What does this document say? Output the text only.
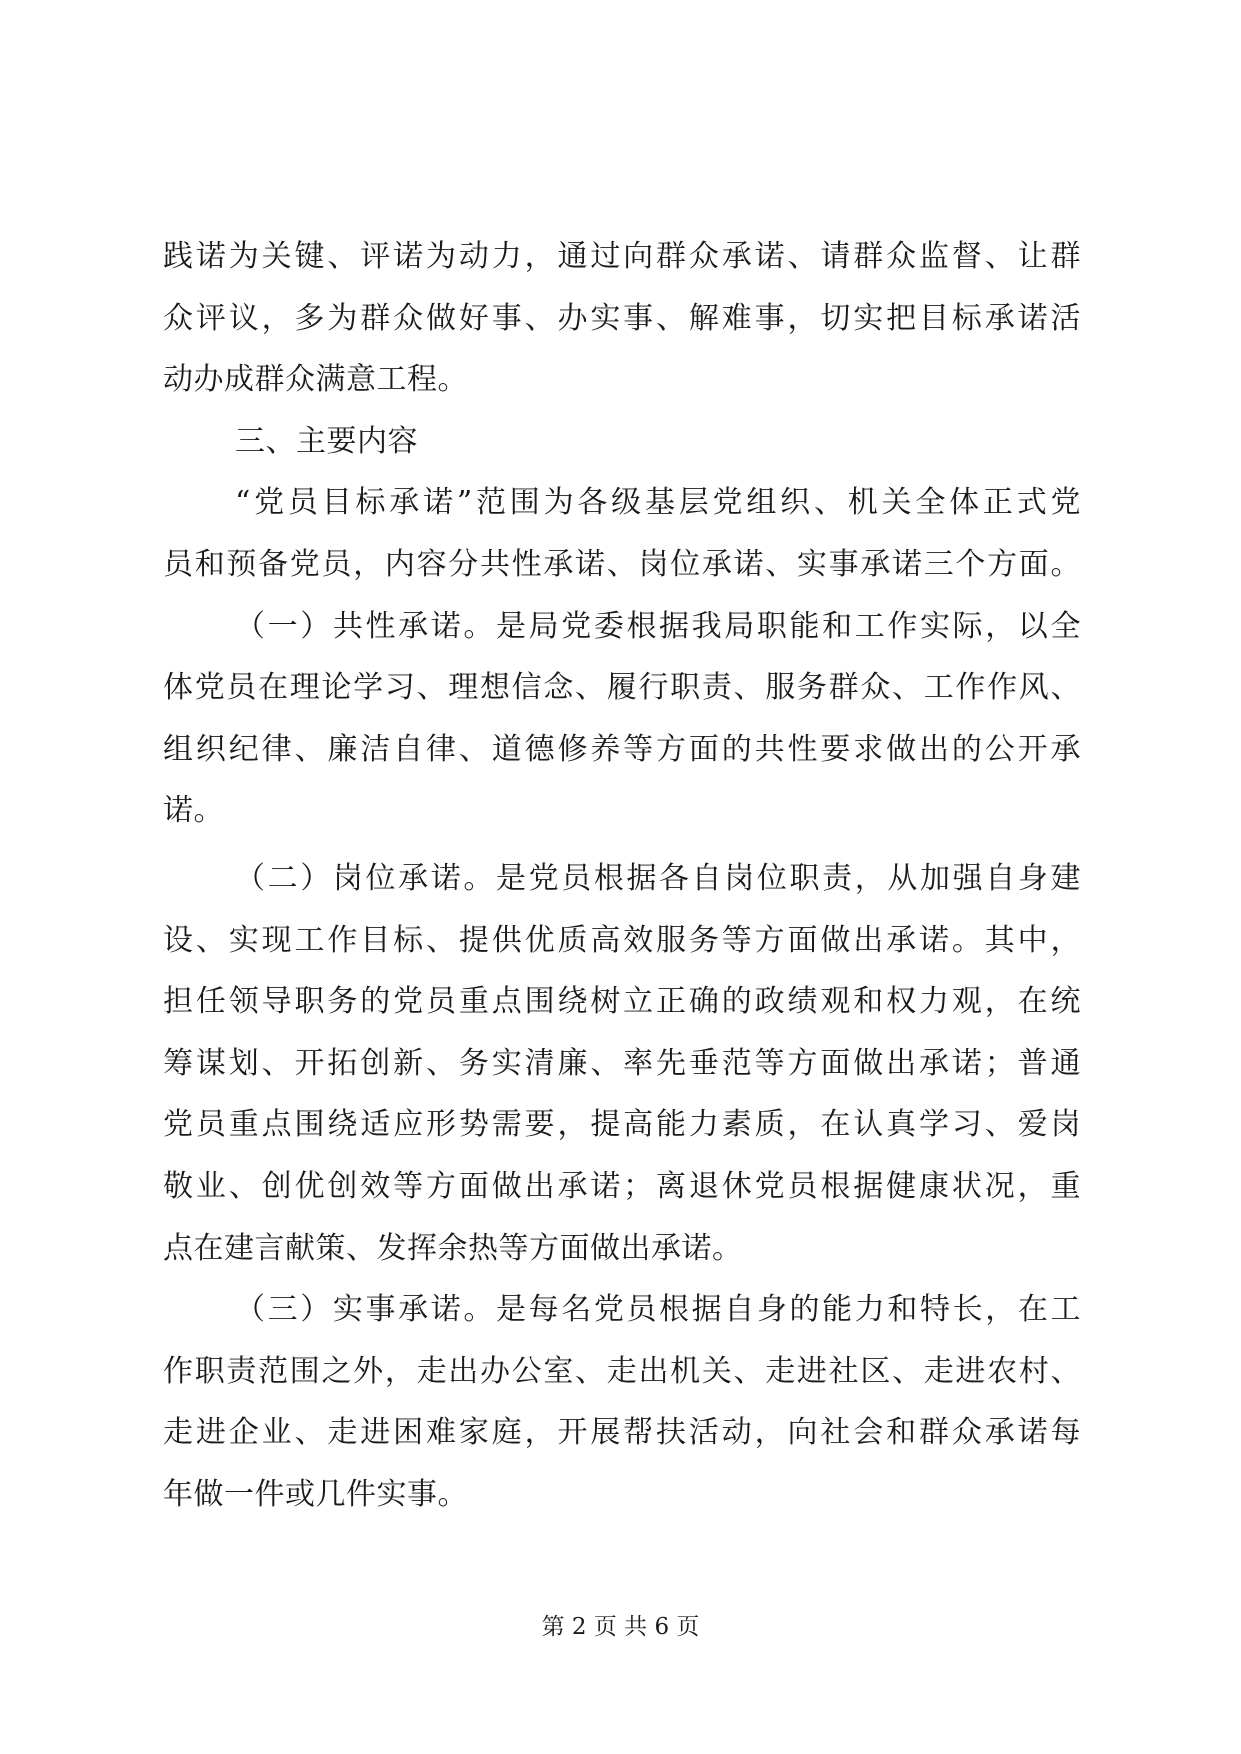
践诺为关键、评诺为动力，通过向群众承诺、请群众监督、让群
众评议，多为群众做好事、办实事、解难事，切实把目标承诺活
动办成群众满意工程。
三、主要内容
“党员目标承诺”范围为各级基层党组织、机关全体正式党
员和预备党员，内容分共性承诺、岗位承诺、实事承诺三个方面。
（一）共性承诺。是局党委根据我局职能和工作实际，以全
体党员在理论学习、理想信念、履行职责、服务群众、工作作风、
组织纪律、廉洁自律、道德修养等方面的共性要求做出的公开承
诺。
（二）岗位承诺。是党员根据各自岗位职责，从加强自身建
设、实现工作目标、提供优质高效服务等方面做出承诺。其中，
担任领导职务的党员重点围绕树立正确的政绩观和权力观，在统
筹谋划、开拓创新、务实清廉、率先垂范等方面做出承诺；普通
党员重点围绕适应形势需要，提高能力素质，在认真学习、爱岗
敬业、创优创效等方面做出承诺；离退休党员根据健康状况，重
点在建言献策、发挥余热等方面做出承诺。
（三）实事承诺。是每名党员根据自身的能力和特长，在工
作职责范围之外，走出办公室、走出机关、走进社区、走进农村、
走进企业、走进困难家庭，开展帮扶活动，向社会和群众承诺每
年做一件或几件实事。
第 2 页 共 6 页
